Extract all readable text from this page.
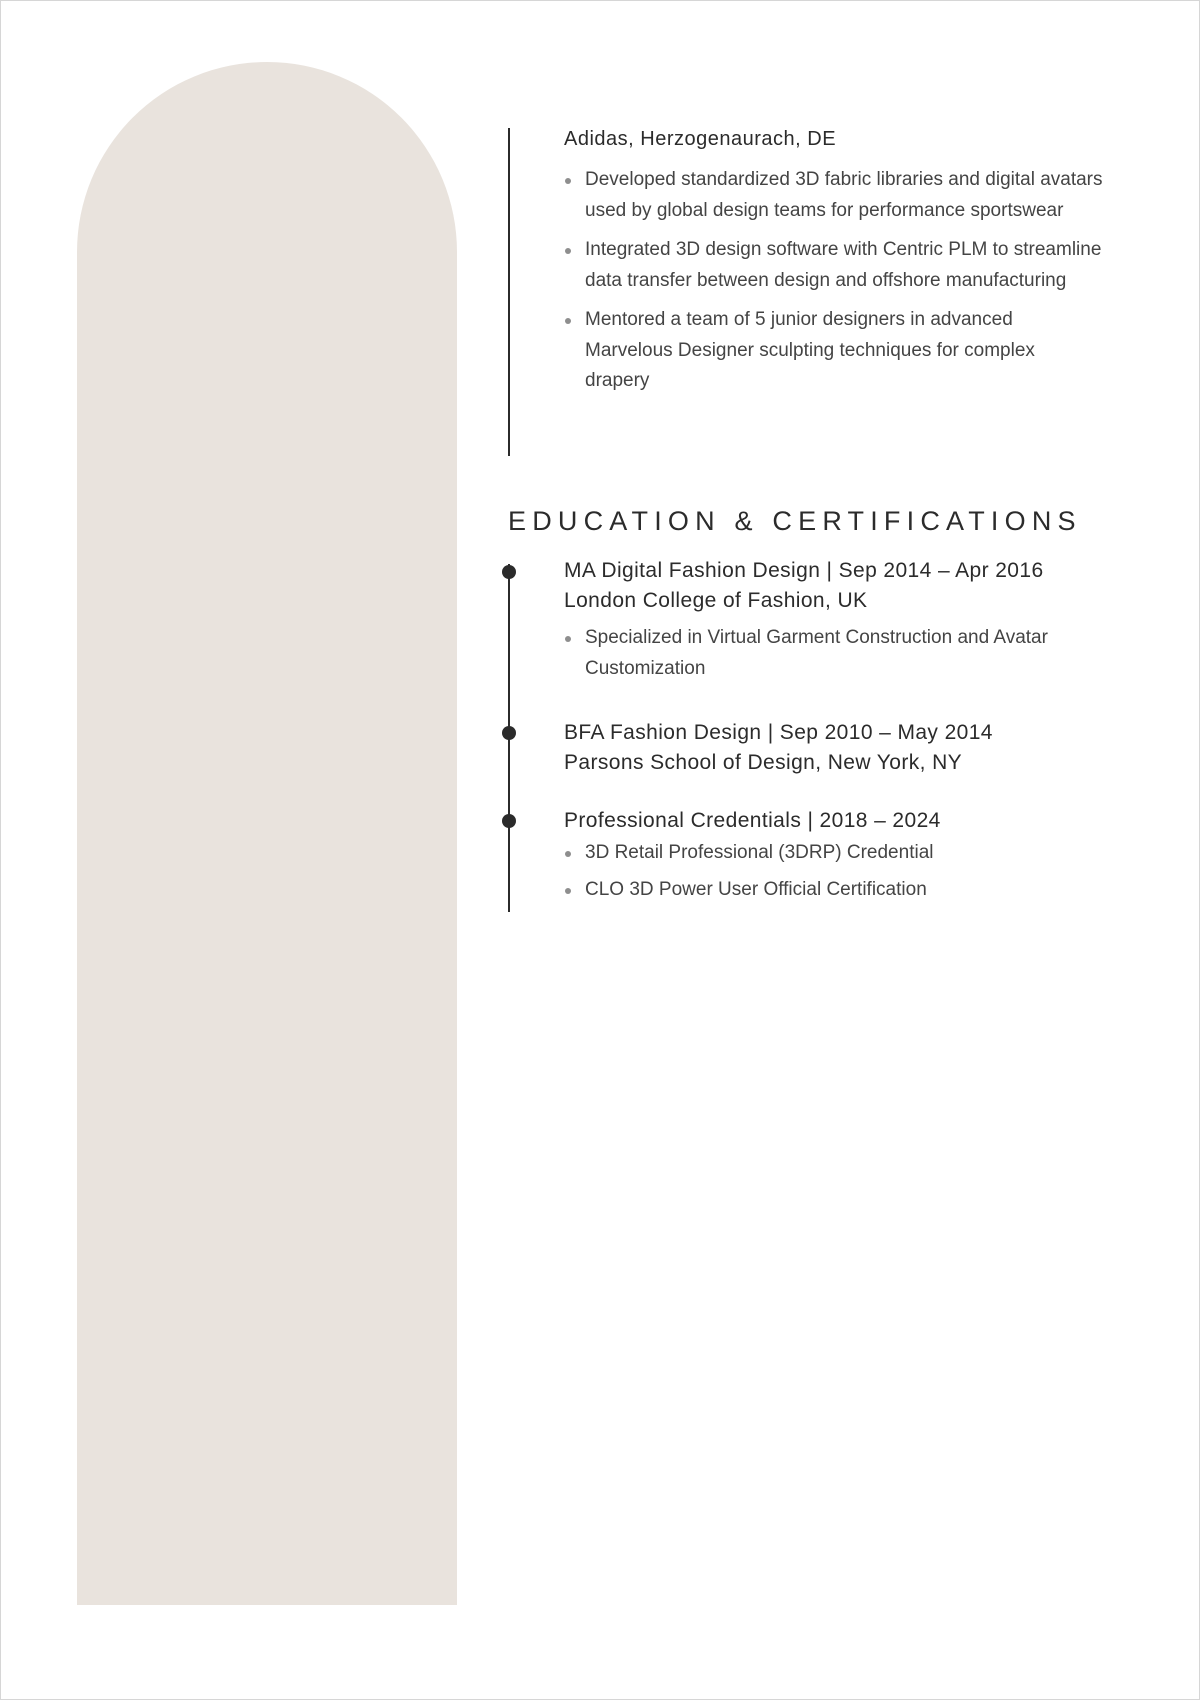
Adidas, Herzogenaurach, DE
Developed standardized 3D fabric libraries and digital avatars used by global design teams for performance sportswear
Integrated 3D design software with Centric PLM to streamline data transfer between design and offshore manufacturing
Mentored a team of 5 junior designers in advanced Marvelous Designer sculpting techniques for complex drapery
EDUCATION & CERTIFICATIONS
MA Digital Fashion Design | Sep 2014 – Apr 2016
London College of Fashion, UK
Specialized in Virtual Garment Construction and Avatar Customization
BFA Fashion Design | Sep 2010 – May 2014
Parsons School of Design, New York, NY
Professional Credentials | 2018 – 2024
3D Retail Professional (3DRP) Credential
CLO 3D Power User Official Certification
